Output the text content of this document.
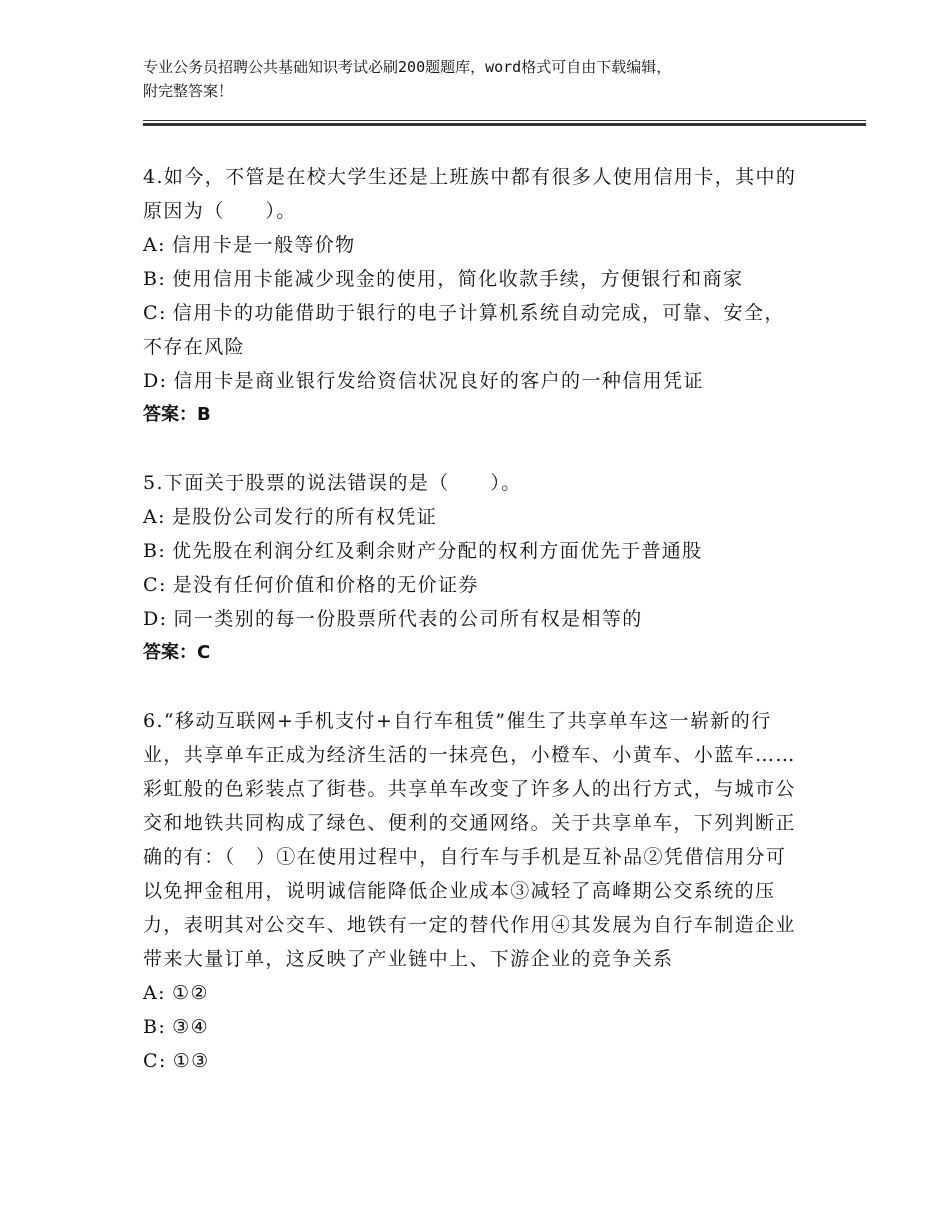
专业公务员招聘公共基础知识考试必刷200题题库，word格式可自由下载编辑，
附完整答案！
4.如今，不管是在校大学生还是上班族中都有很多人使用信用卡，其中的原因为（　　）。
A: 信用卡是一般等价物
B: 使用信用卡能减少现金的使用，简化收款手续，方便银行和商家
C: 信用卡的功能借助于银行的电子计算机系统自动完成，可靠、安全，不存在风险
D: 信用卡是商业银行发给资信状况良好的客户的一种信用凭证
答案：B
5.下面关于股票的说法错误的是（　　）。
A: 是股份公司发行的所有权凭证
B: 优先股在利润分红及剩余财产分配的权利方面优先于普通股
C: 是没有任何价值和价格的无价证券
D: 同一类别的每一份股票所代表的公司所有权是相等的
答案：C
6.“移动互联网+手机支付+自行车租赁”催生了共享单车这一崭新的行业，共享单车正成为经济生活的一抹亮色，小橙车、小黄车、小蓝车……彩虹般的色彩装点了街巷。共享单车改变了许多人的出行方式，与城市公交和地铁共同构成了绿色、便利的交通网络。关于共享单车，下列判断正确的有：（　）①在使用过程中，自行车与手机是互补品②凭借信用分可以免押金租用，说明诚信能降低企业成本③减轻了高峰期公交系统的压力，表明其对公交车、地铁有一定的替代作用④其发展为自行车制造企业带来大量订单，这反映了产业链中上、下游企业的竞争关系
A: ①②
B: ③④
C: ①③
